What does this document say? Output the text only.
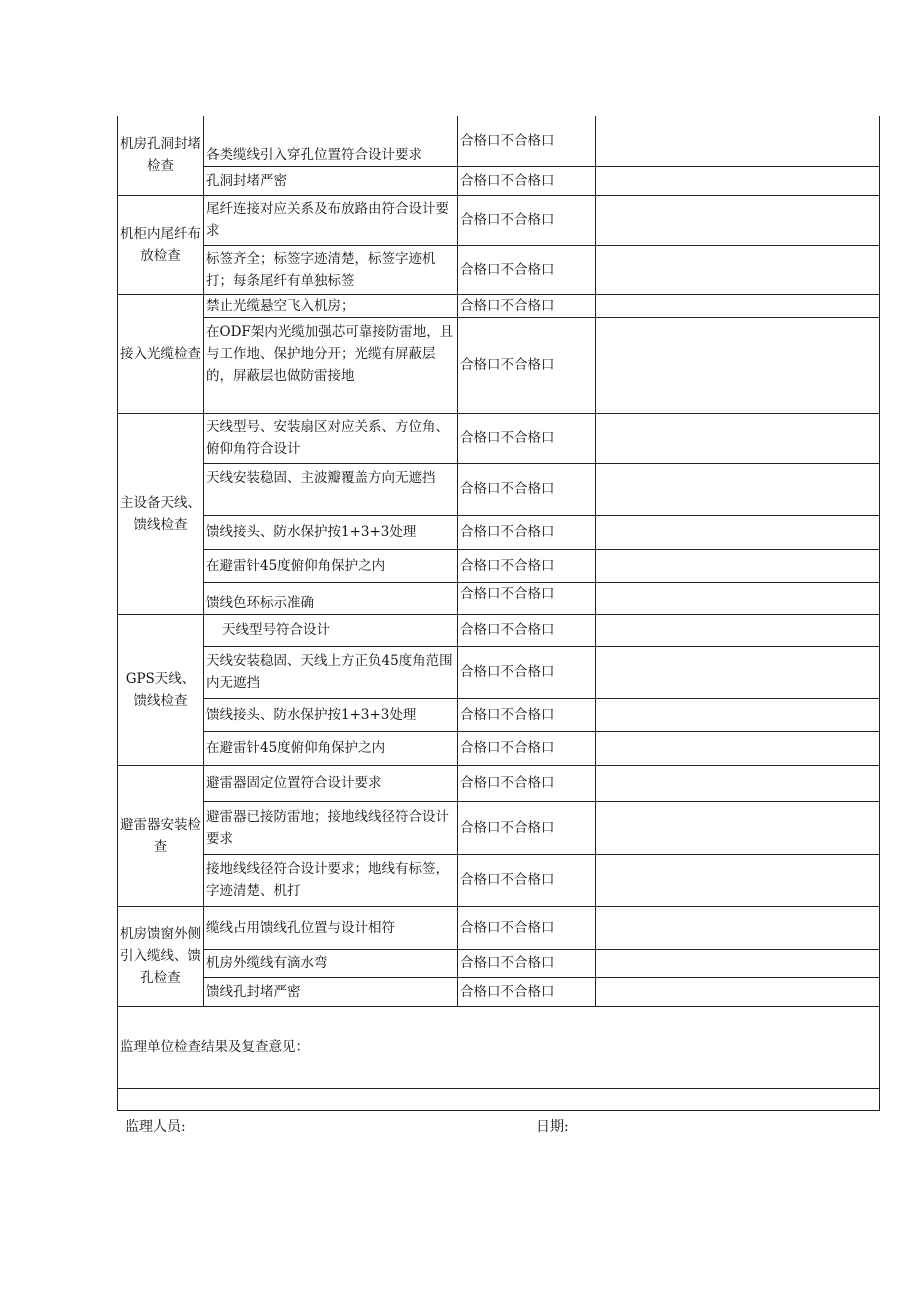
机房孔洞封堵检查	各类缆线引入穿孔位置符合设计要求	合格口不合格口	
	孔洞封堵严密	合格口不合格口	
机柜内尾纤布放检查	尾纤连接对应关系及布放路由符合设计要求	合格口不合格口	
	标签齐全；标签字迹清楚，标签字迹机打；每条尾纤有单独标签	合格口不合格口	
接入光缆检查	禁止光缆悬空飞入机房；	合格口不合格口	
	在ODF架内光缆加强芯可靠接防雷地，且与工作地、保护地分开；光缆有屏蔽层的，屏蔽层也做防雷接地	合格口不合格口	
主设备天线、馈线检查	天线型号、安装扇区对应关系、方位角、俯仰角符合设计	合格口不合格口	
	天线安装稳固、主波瓣覆盖方向无遮挡	合格口不合格口	
	馈线接头、防水保护按1+3+3处理	合格口不合格口	
	在避雷针45度俯仰角保护之内	合格口不合格口	
	馈线色环标示准确	合格口不合格口	
GPS天线、馈线检查	天线型号符合设计	合格口不合格口	
	天线安装稳固、天线上方正负45度角范围内无遮挡	合格口不合格口	
	馈线接头、防水保护按1+3+3处理	合格口不合格口	
	在避雷针45度俯仰角保护之内	合格口不合格口	
避雷器安装检查	避雷器固定位置符合设计要求	合格口不合格口	
	避雷器已接防雷地；接地线线径符合设计要求	合格口不合格口	
	接地线线径符合设计要求；地线有标签，字迹清楚、机打	合格口不合格口	
机房馈窗外侧引入缆线、馈孔检查	缆线占用馈线孔位置与设计相符	合格口不合格口	
	机房外缆线有滴水弯	合格口不合格口	
	馈线孔封堵严密	合格口不合格口	
监理单位检查结果及复查意见：			

监理人员:	日期:
